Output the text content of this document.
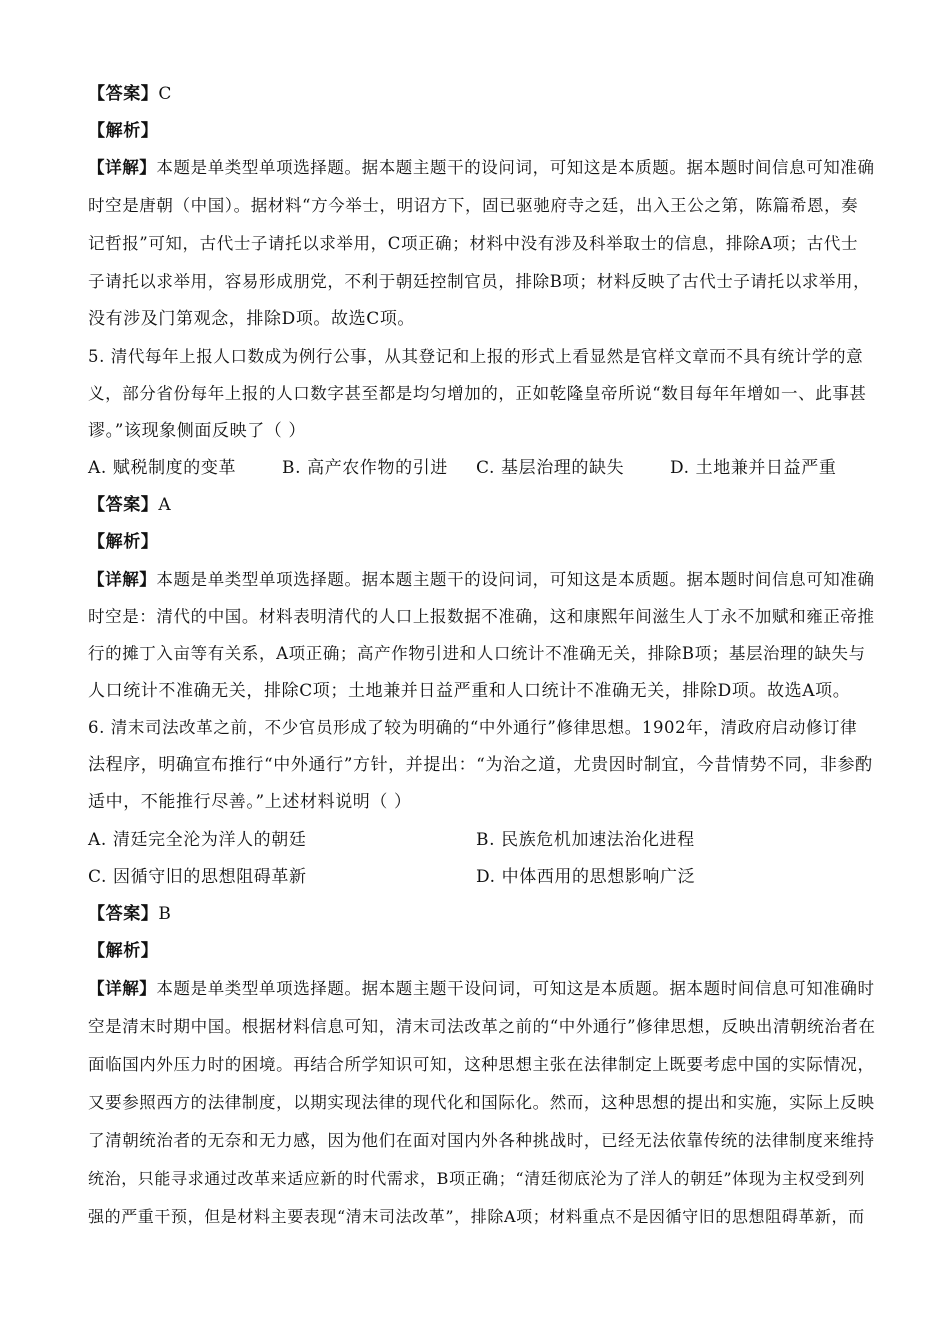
【答案】C
【解析】
【详解】本题是单类型单项选择题。据本题主题干的设问词，可知这是本质题。据本题时间信息可知准确
时空是唐朝（中国）。据材料“方今举士，明诏方下，固已驱驰府寺之廷，出入王公之第，陈篇希恩，奏
记哲报”可知，古代士子请托以求举用，C项正确；材料中没有涉及科举取士的信息，排除A项；古代士
子请托以求举用，容易形成朋党，不利于朝廷控制官员，排除B项；材料反映了古代士子请托以求举用，
没有涉及门第观念，排除D项。故选C项。
5. 清代每年上报人口数成为例行公事，从其登记和上报的形式上看显然是官样文章而不具有统计学的意
义，部分省份每年上报的人口数字甚至都是均匀增加的，正如乾隆皇帝所说“数目每年年增如一、此事甚
谬。”该现象侧面反映了（ ）
A. 赋税制度的变革	B. 高产农作物的引进 C. 基层治理的缺失	D. 土地兼并日益严重
【答案】A
【解析】
【详解】本题是单类型单项选择题。据本题主题干的设问词，可知这是本质题。据本题时间信息可知准确
时空是：清代的中国。材料表明清代的人口上报数据不准确，这和康熙年间滋生人丁永不加赋和雍正帝推
行的摊丁入亩等有关系，A项正确；高产作物引进和人口统计不准确无关，排除B项；基层治理的缺失与
人口统计不准确无关，排除C项；土地兼并日益严重和人口统计不准确无关，排除D项。故选A项。
6. 清末司法改革之前，不少官员形成了较为明确的“中外通行”修律思想。1902年，清政府启动修订律
法程序，明确宣布推行“中外通行”方针，并提出：“为治之道，尤贵因时制宜，今昔情势不同，非参酌
适中，不能推行尽善。”上述材料说明（ ）
A. 清廷完全沦为洋人的朝廷	B. 民族危机加速法治化进程
C. 因循守旧的思想阻碍革新	D. 中体西用的思想影响广泛
【答案】B
【解析】
【详解】本题是单类型单项选择题。据本题主题干设问词，可知这是本质题。据本题时间信息可知准确时
空是清末时期中国。根据材料信息可知，清末司法改革之前的“中外通行”修律思想，反映出清朝统治者在
面临国内外压力时的困境。再结合所学知识可知，这种思想主张在法律制定上既要考虑中国的实际情况，
又要参照西方的法律制度，以期实现法律的现代化和国际化。然而，这种思想的提出和实施，实际上反映
了清朝统治者的无奈和无力感，因为他们在面对国内外各种挑战时，已经无法依靠传统的法律制度来维持
统治，只能寻求通过改革来适应新的时代需求，B项正确；“清廷彻底沦为了洋人的朝廷”体现为主权受到列
强的严重干预，但是材料主要表现“清末司法改革”，排除A项；材料重点不是因循守旧的思想阻碍革新，而
